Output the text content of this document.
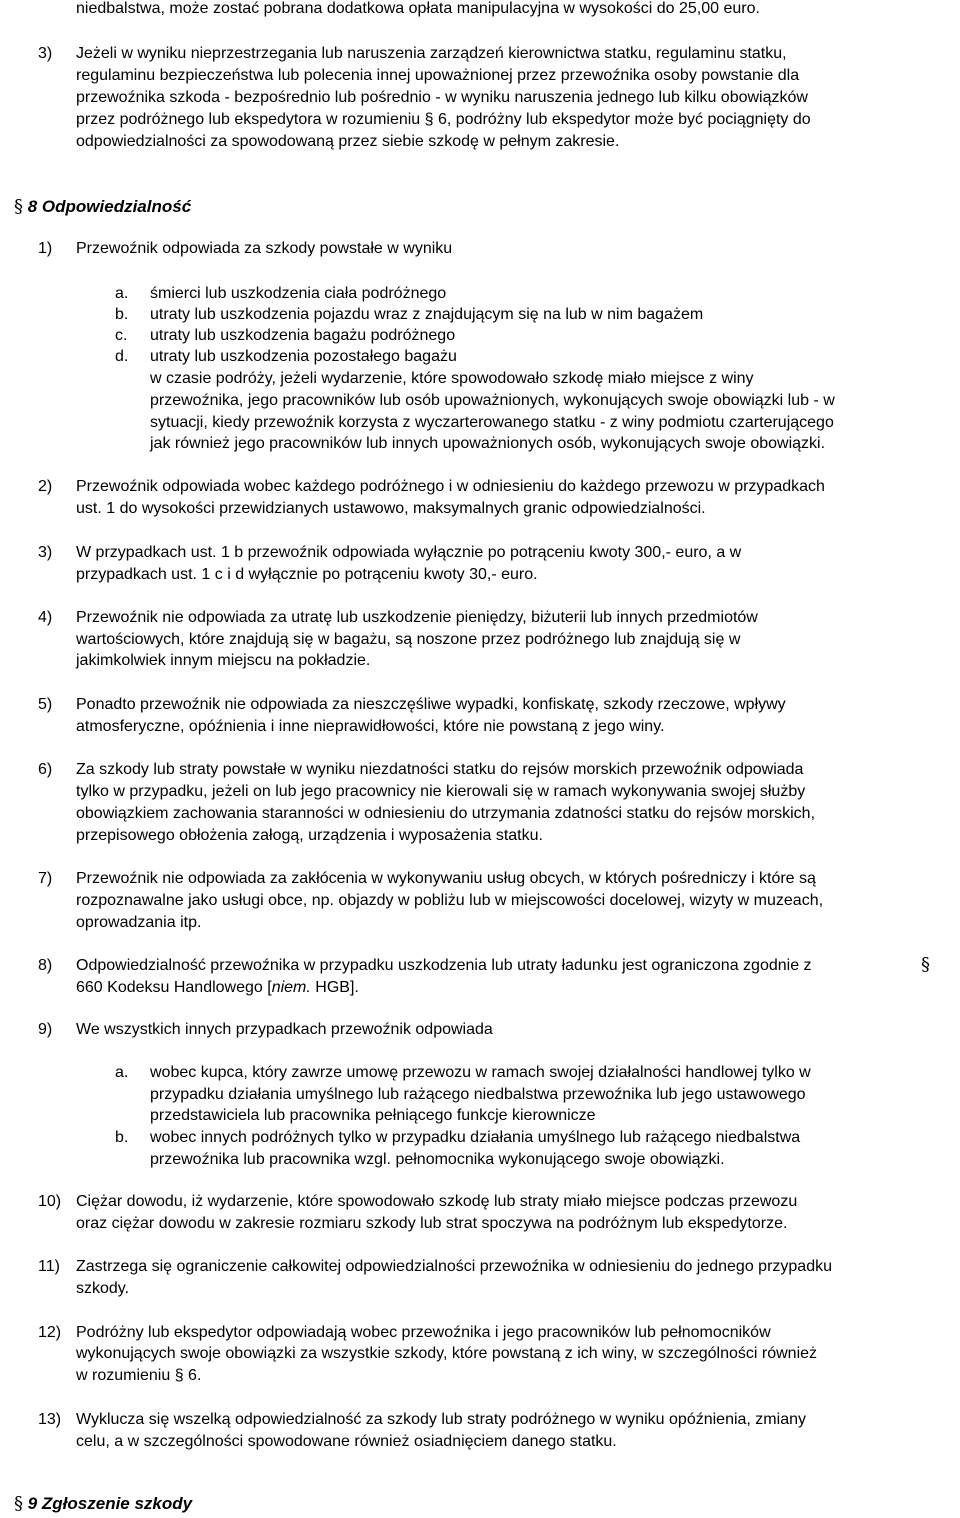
niedbalstwa, może zostać pobrana dodatkowa opłata manipulacyjna w wysokości do 25,00 euro.
3) Jeżeli w wyniku nieprzestrzegania lub naruszenia zarządzeń kierownictwa statku, regulaminu statku,
regulaminu bezpieczeństwa lub polecenia innej upoważnionej przez przewoźnika osoby powstanie dla
przewoźnika szkoda - bezpośrednio lub pośrednio - w wyniku naruszenia jednego lub kilku obowiązków
przez podróżnego lub ekspedytora w rozumieniu § 6, podróżny lub ekspedytor może być pociągnięty do
odpowiedzialności za spowodowaną przez siebie szkodę w pełnym zakresie.
§ 8 Odpowiedzialność
1) Przewoźnik odpowiada za szkody powstałe w wyniku
a. śmierci lub uszkodzenia ciała podróżnego
b. utraty lub uszkodzenia pojazdu wraz z znajdującym się na lub w nim bagażem
c. utraty lub uszkodzenia bagażu podróżnego
d. utraty lub uszkodzenia pozostałego bagażu
w czasie podróży, jeżeli wydarzenie, które spowodowało szkodę miało miejsce z winy
przewoźnika, jego pracowników lub osób upoważnionych, wykonujących swoje obowiązki lub - w
sytuacji, kiedy przewoźnik korzysta z wyczarterowanego statku - z winy podmiotu czarterującego
jak również jego pracowników lub innych upoważnionych osób, wykonujących swoje obowiązki.
2) Przewoźnik odpowiada wobec każdego podróżnego i w odniesieniu do każdego przewozu w przypadkach
ust. 1 do wysokości przewidzianych ustawowo, maksymalnych granic odpowiedzialności.
3) W przypadkach ust. 1 b przewoźnik odpowiada wyłącznie po potrąceniu kwoty 300,- euro, a w
przypadkach ust. 1 c i d wyłącznie po potrąceniu kwoty 30,- euro.
4) Przewoźnik nie odpowiada za utratę lub uszkodzenie pieniędzy, biżuterii lub innych przedmiotów
wartościowych, które znajdują się w bagażu, są noszone przez podróżnego lub znajdują się w
jakimkolwiek innym miejscu na pokładzie.
5) Ponadto przewoźnik nie odpowiada za nieszczęśliwe wypadki, konfiskatę, szkody rzeczowe, wpływy
atmosferyczne, opóźnienia i inne nieprawidłowości, które nie powstaną z jego winy.
6) Za szkody lub straty powstałe w wyniku niezdatności statku do rejsów morskich przewoźnik odpowiada
tylko w przypadku, jeżeli on lub jego pracownicy nie kierowali się w ramach wykonywania swojej służby
obowiązkiem zachowania staranności w odniesieniu do utrzymania zdatności statku do rejsów morskich,
przepisowego obłożenia załogą, urządzenia i wyposażenia statku.
7) Przewoźnik nie odpowiada za zakłócenia w wykonywaniu usług obcych, w których pośredniczy i które są
rozpoznawalne jako usługi obce, np. objazdy w pobliżu lub w miejscowości docelowej, wizyty w muzeach,
oprowadzania itp.
8) Odpowiedzialność przewoźnika w przypadku uszkodzenia lub utraty ładunku jest ograniczona zgodnie z	§
660 Kodeksu Handlowego [niem. HGB].
9) We wszystkich innych przypadkach przewoźnik odpowiada
a. wobec kupca, który zawrze umowę przewozu w ramach swojej działalności handlowej tylko w
przypadku działania umyślnego lub rażącego niedbalstwa przewoźnika lub jego ustawowego
przedstawiciela lub pracownika pełniącego funkcje kierownicze
b. wobec innych podróżnych tylko w przypadku działania umyślnego lub rażącego niedbalstwa
przewoźnika lub pracownika wzgl. pełnomocnika wykonującego swoje obowiązki.
10) Ciężar dowodu, iż wydarzenie, które spowodowało szkodę lub straty miało miejsce podczas przewozu
oraz ciężar dowodu w zakresie rozmiaru szkody lub strat spoczywa na podróżnym lub ekspedytorze.
11) Zastrzega się ograniczenie całkowitej odpowiedzialności przewoźnika w odniesieniu do jednego przypadku
szkody.
12) Podróżny lub ekspedytor odpowiadają wobec przewoźnika i jego pracowników lub pełnomocników
wykonujących swoje obowiązki za wszystkie szkody, które powstaną z ich winy, w szczególności również
w rozumieniu § 6.
13) Wyklucza się wszelką odpowiedzialność za szkody lub straty podróżnego w wyniku opóźnienia, zmiany
celu, a w szczególności spowodowane również osiadnięciem danego statku.
§ 9 Zgłoszenie szkody
